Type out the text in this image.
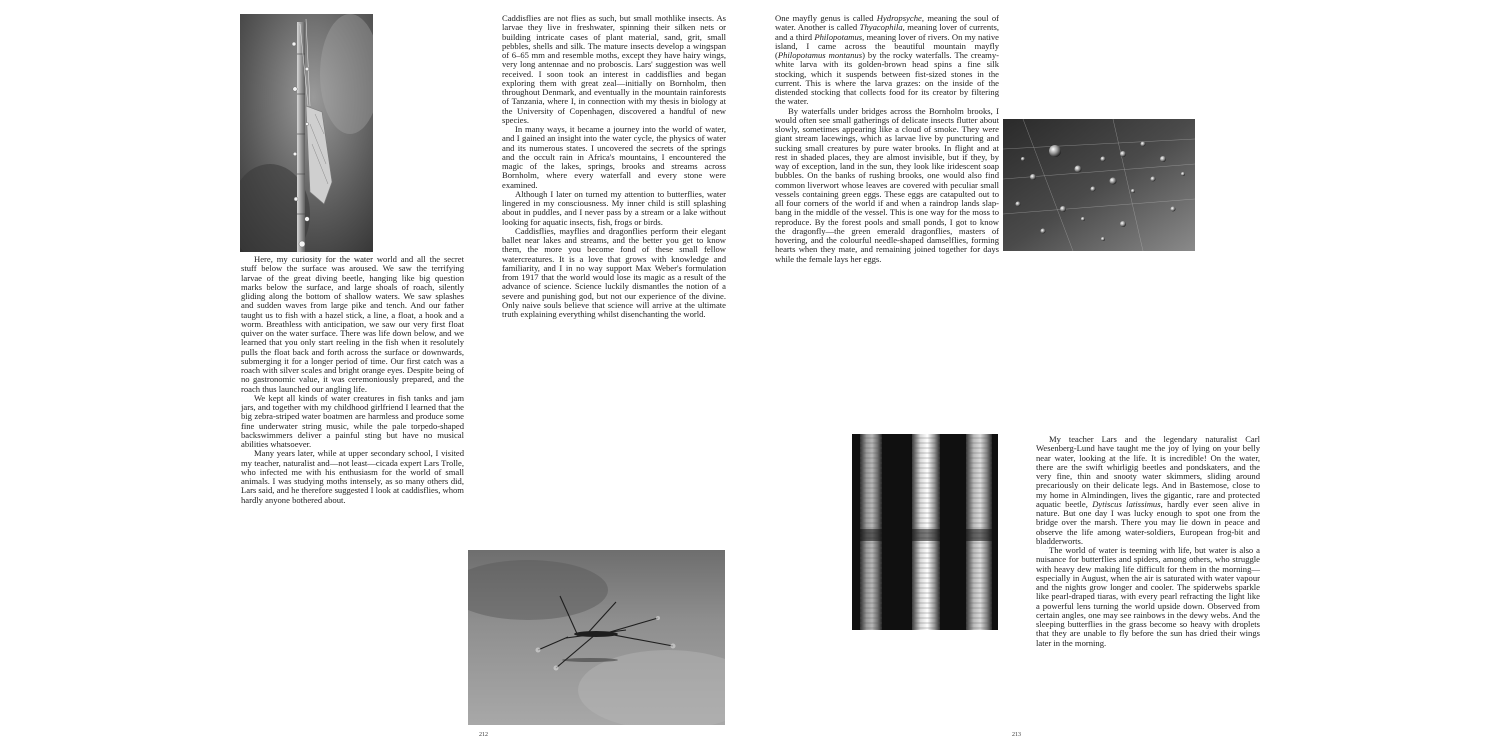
Here, my curiosity for the water world and all the secret stuff below the surface was aroused. We saw the terrifying larvae of the great diving beetle, hanging like big question marks below the surface, and large shoals of roach, silently gliding along the bottom of shallow waters. We saw splashes and sudden waves from large pike and tench. And our father taught us to fish with a hazel stick, a line, a float, a hook and a worm. Breathless with anticipation, we saw our very first float quiver on the water surface. There was life down below, and we learned that you only start reeling in the fish when it resolutely pulls the float back and forth across the surface or downwards, submerging it for a longer period of time. Our first catch was a roach with silver scales and bright orange eyes. Despite being of no gastronomic value, it was ceremoniously prepared, and the roach thus launched our angling life.

We kept all kinds of water creatures in fish tanks and jam jars, and together with my childhood girlfriend I learned that the big zebra-striped water boatmen are harmless and produce some fine underwater string music, while the pale torpedo-shaped backswimmers deliver a painful sting but have no musical abilities whatsoever.

Many years later, while at upper secondary school, I visited my teacher, naturalist and—not least—cicada expert Lars Trolle, who infected me with his enthusiasm for the world of small animals. I was studying moths intensely, as so many others did, Lars said, and he therefore suggested I look at caddisflies, whom hardly anyone bothered about.

Caddisflies are not flies as such, but small mothlike insects. As larvae they live in freshwater, spinning their silken nets or building intricate cases of plant material, sand, grit, small pebbles, shells and silk. The mature insects develop a wingspan of 6–65 mm and resemble moths, except they have hairy wings, very long antennae and no proboscis. Lars' suggestion was well received. I soon took an interest in caddisflies and began exploring them with great zeal—initially on Bornholm, then throughout Denmark, and eventually in the mountain rainforests of Tanzania, where I, in connection with my thesis in biology at the University of Copenhagen, discovered a handful of new species.

In many ways, it became a journey into the world of water, and I gained an insight into the water cycle, the physics of water and its numerous states. I uncovered the secrets of the springs and the occult rain in Africa's mountains, I encountered the magic of the lakes, springs, brooks and streams across Bornholm, where every waterfall and every stone were examined.

Although I later on turned my attention to butterflies, water lingered in my consciousness. My inner child is still splashing about in puddles, and I never pass by a stream or a lake without looking for aquatic insects, fish, frogs or birds.

Caddisflies, mayflies and dragonflies perform their elegant ballet near lakes and streams, and the better you get to know them, the more you become fond of these small fellow watercreatures. It is a love that grows with knowledge and familiarity, and I in no way support Max Weber's formulation from 1917 that the world would lose its magic as a result of the advance of science. Science luckily dismantles the notion of a severe and punishing god, but not our experience of the divine. Only naive souls believe that science will arrive at the ultimate truth explaining everything whilst disenchanting the world.

212

One mayfly genus is called Hydropsyche, meaning the soul of water. Another is called Thyacophila, meaning lover of currents, and a third Philopotamus, meaning lover of rivers. On my native island, I came across the beautiful mountain mayfly (Philopotamus montanus) by the rocky waterfalls. The creamy-white larva with its golden-brown head spins a fine silk stocking, which it suspends between fist-sized stones in the current. This is where the larva grazes: on the inside of the distended stocking that collects food for its creator by filtering the water.

By waterfalls under bridges across the Bornholm brooks, I would often see small gatherings of delicate insects flutter about slowly, sometimes appearing like a cloud of smoke. They were giant stream lacewings, which as larvae live by puncturing and sucking small creatures by pure water brooks. In flight and at rest in shaded places, they are almost invisible, but if they, by way of exception, land in the sun, they look like iridescent soap bubbles. On the banks of rushing brooks, one would also find common liverwort whose leaves are covered with peculiar small vessels containing green eggs. These eggs are catapulted out to all four corners of the world if and when a raindrop lands slap-bang in the middle of the vessel. This is one way for the moss to reproduce. By the forest pools and small ponds, I got to know the dragonfly—the green emerald dragonflies, masters of hovering, and the colourful needle-shaped damselflies, forming hearts when they mate, and remaining joined together for days while the female lays her eggs.

My teacher Lars and the legendary naturalist Carl Wesenberg-Lund have taught me the joy of lying on your belly near water, looking at the life. It is incredible! On the water, there are the swift whirligig beetles and pondskaters, and the very fine, thin and snooty water skimmers, sliding around precariously on their delicate legs. And in Bastemose, close to my home in Almindingen, lives the gigantic, rare and protected aquatic beetle, Dytiscus latissimus, hardly ever seen alive in nature. But one day I was lucky enough to spot one from the bridge over the marsh. There you may lie down in peace and observe the life among water-soldiers, European frog-bit and bladderworts.

The world of water is teeming with life, but water is also a nuisance for butterflies and spiders, among others, who struggle with heavy dew making life difficult for them in the morning—especially in August, when the air is saturated with water vapour and the nights grow longer and cooler. The spiderwebs sparkle like pearl-draped tiaras, with every pearl refracting the light like a powerful lens turning the world upside down. Observed from certain angles, one may see rainbows in the dewy webs. And the sleeping butterflies in the grass become so heavy with droplets that they are unable to fly before the sun has dried their wings later in the morning.

213
